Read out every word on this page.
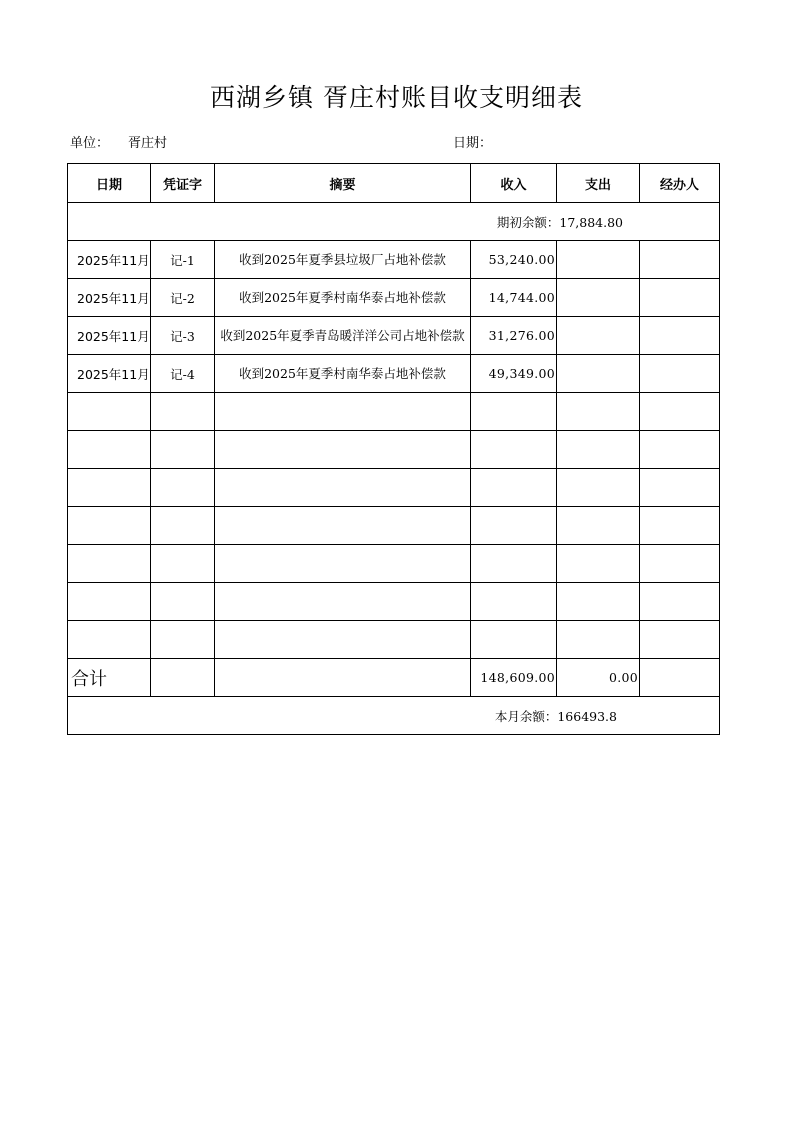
西湖乡镇 胥庄村账目收支明细表
单位： 胥庄村	日期：
日期	凭证字	摘要	收入	支出	经办人
期初余额：17,884.80					
2025年11月	记-1	收到2025年夏季县垃圾厂占地补偿款	53,240.00		
2025年11月	记-2	收到2025年夏季村南华泰占地补偿款	14,744.00		
2025年11月	记-3	收到2025年夏季青岛暖洋洋公司占地补偿款	31,276.00		
2025年11月	记-4	收到2025年夏季村南华泰占地补偿款	49,349.00		

合计			148,609.00	0.00	
本月余额：166493.8					
